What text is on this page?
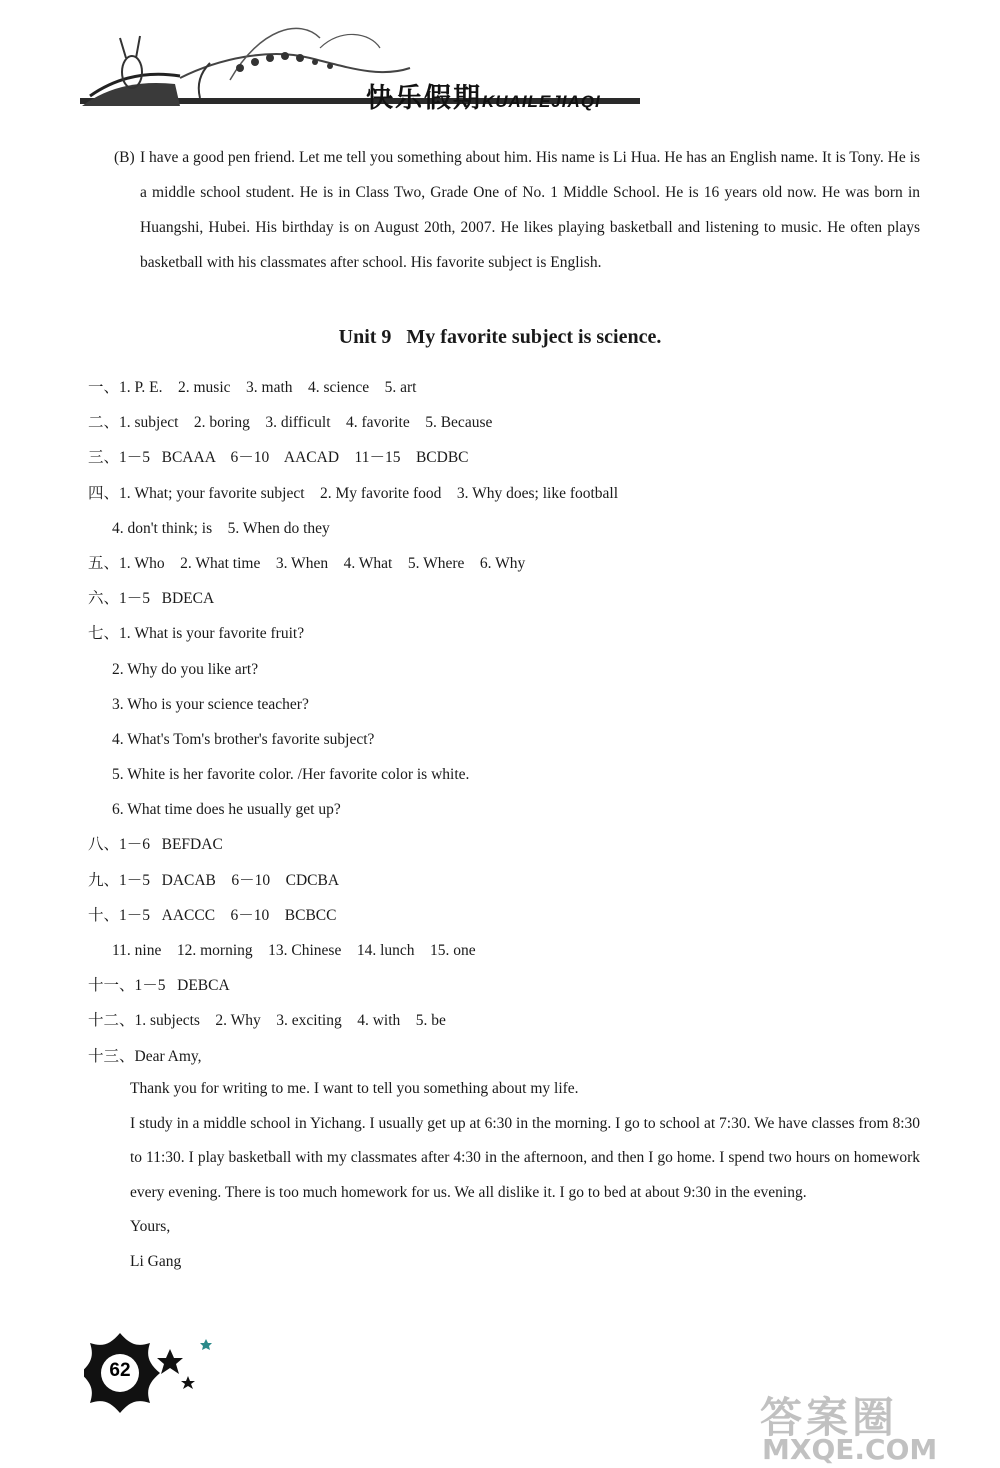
快乐假期KUAILEJIAQI
(B) I have a good pen friend. Let me tell you something about him. His name is Li Hua. He has an English name. It is Tony. He is a middle school student. He is in Class Two, Grade One of No. 1 Middle School. He is 16 years old now. He was born in Huangshi, Hubei. His birthday is on August 20th, 2007. He likes playing basketball and listening to music. He often plays basketball with his classmates after school. His favorite subject is English.
Unit 9   My favorite subject is science.
一、1. P. E.    2. music    3. math    4. science    5. art
二、1. subject    2. boring    3. difficult    4. favorite    5. Because
三、1－5   BCAAA    6－10    AACAD    11－15    BCDBC
四、1. What; your favorite subject    2. My favorite food    3. Why does; like football
4. don't think; is    5. When do they
五、1. Who    2. What time    3. When    4. What    5. Where    6. Why
六、1－5   BDECA
七、1. What is your favorite fruit?
2. Why do you like art?
3. Who is your science teacher?
4. What's Tom's brother's favorite subject?
5. White is her favorite color. /Her favorite color is white.
6. What time does he usually get up?
八、1－6   BEFDAC
九、1－5   DACAB    6－10    CDCBA
十、1－5   AACCC    6－10    BCBCC
11. nine    12. morning    13. Chinese    14. lunch    15. one
十一、1－5   DEBCA
十二、1. subjects    2. Why    3. exciting    4. with    5. be
十三、Dear Amy,
Thank you for writing to me. I want to tell you something about my life.
I study in a middle school in Yichang. I usually get up at 6:30 in the morning. I go to school at 7:30. We have classes from 8:30 to 11:30. I play basketball with my classmates after 4:30 in the afternoon, and then I go home. I spend two hours on homework every evening. There is too much homework for us. We all dislike it. I go to bed at about 9:30 in the evening.
Yours,
Li Gang
62
答案圈
MXQE.COM
